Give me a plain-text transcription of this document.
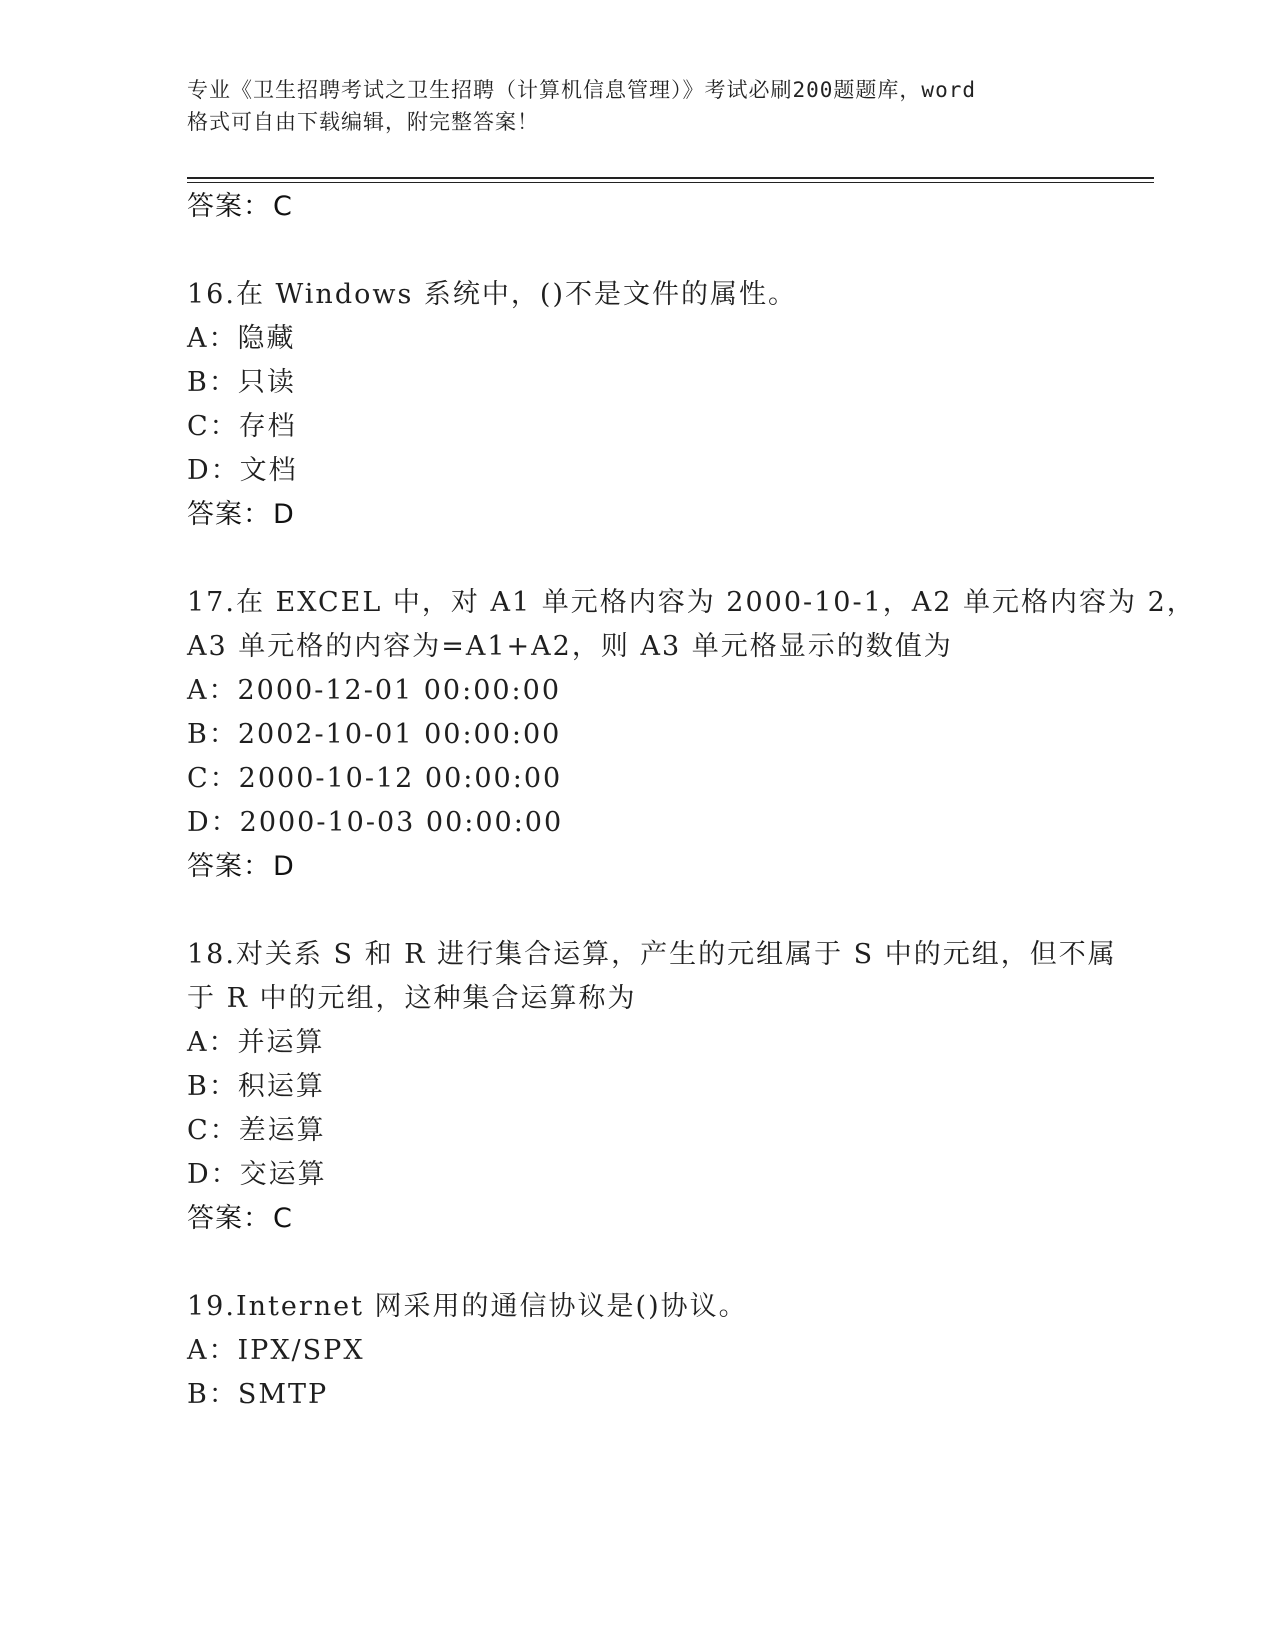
专业《卫生招聘考试之卫生招聘（计算机信息管理）》考试必刷200题题库，word
格式可自由下载编辑，附完整答案！
答案：C
16.在 Windows 系统中，()不是文件的属性。
A：隐藏
B：只读
C：存档
D：文档
答案：D
17.在 EXCEL 中，对 A1 单元格内容为 2000-10-1，A2 单元格内容为 2，
A3 单元格的内容为=A1+A2，则 A3 单元格显示的数值为
A：2000-12-01 00:00:00
B：2002-10-01 00:00:00
C：2000-10-12 00:00:00
D：2000-10-03 00:00:00
答案：D
18.对关系 S 和 R 进行集合运算，产生的元组属于 S 中的元组，但不属
于 R 中的元组，这种集合运算称为
A：并运算
B：积运算
C：差运算
D：交运算
答案：C
19.Internet 网采用的通信协议是()协议。
A：IPX/SPX
B：SMTP
